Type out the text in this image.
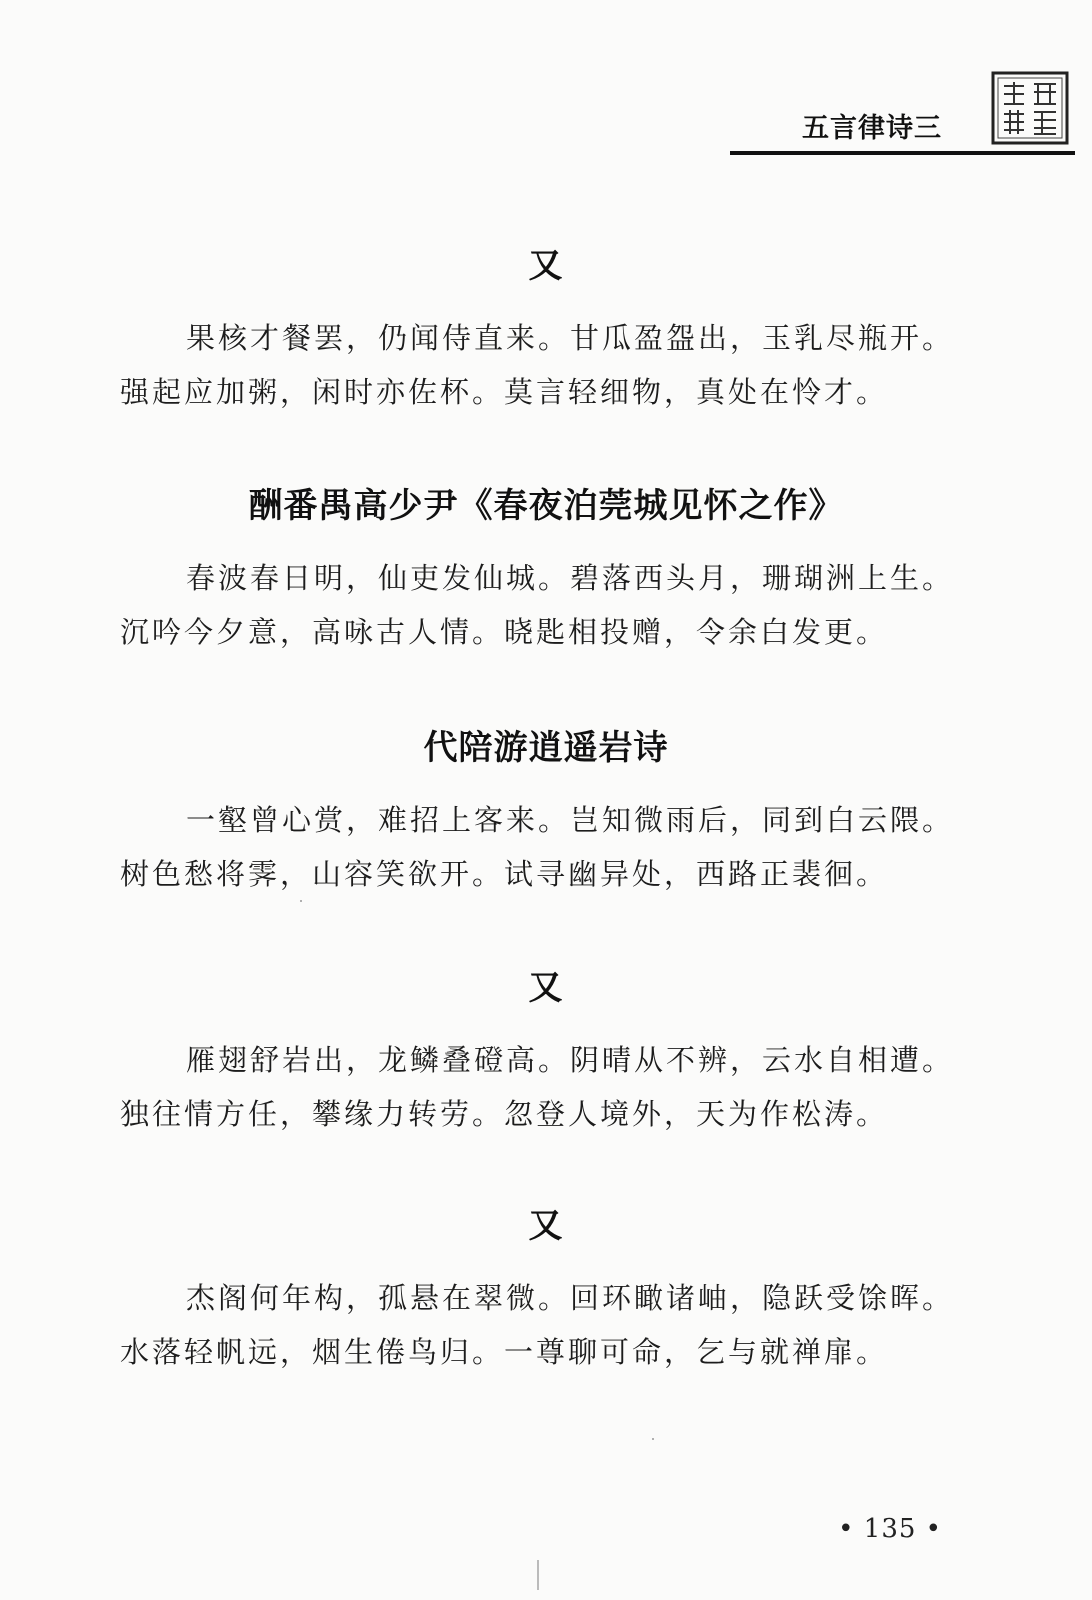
五言律诗三
又
果核才餐罢，仍闻侍直来。甘瓜盈盌出，玉乳尽瓶开。
强起应加粥，闲时亦佐杯。莫言轻细物，真处在怜才。
酬番禺高少尹《春夜泊莞城见怀之作》
春波春日明，仙吏发仙城。碧落西头月，珊瑚洲上生。
沉吟今夕意，高咏古人情。晓匙相投赠，令余白发更。
代陪游逍遥岩诗
一壑曾心赏，难招上客来。岂知微雨后，同到白云隈。
树色愁将霁，山容笑欲开。试寻幽异处，西路正裴徊。
又
雁翅舒岩出，龙鳞叠磴高。阴晴从不辨，云水自相遭。
独往情方任，攀缘力转劳。忽登人境外，天为作松涛。
又
杰阁何年构，孤悬在翠微。回环瞰诸岫，隐跃受馀晖。
水落轻帆远，烟生倦鸟归。一尊聊可命，乞与就禅扉。
• 135 •
